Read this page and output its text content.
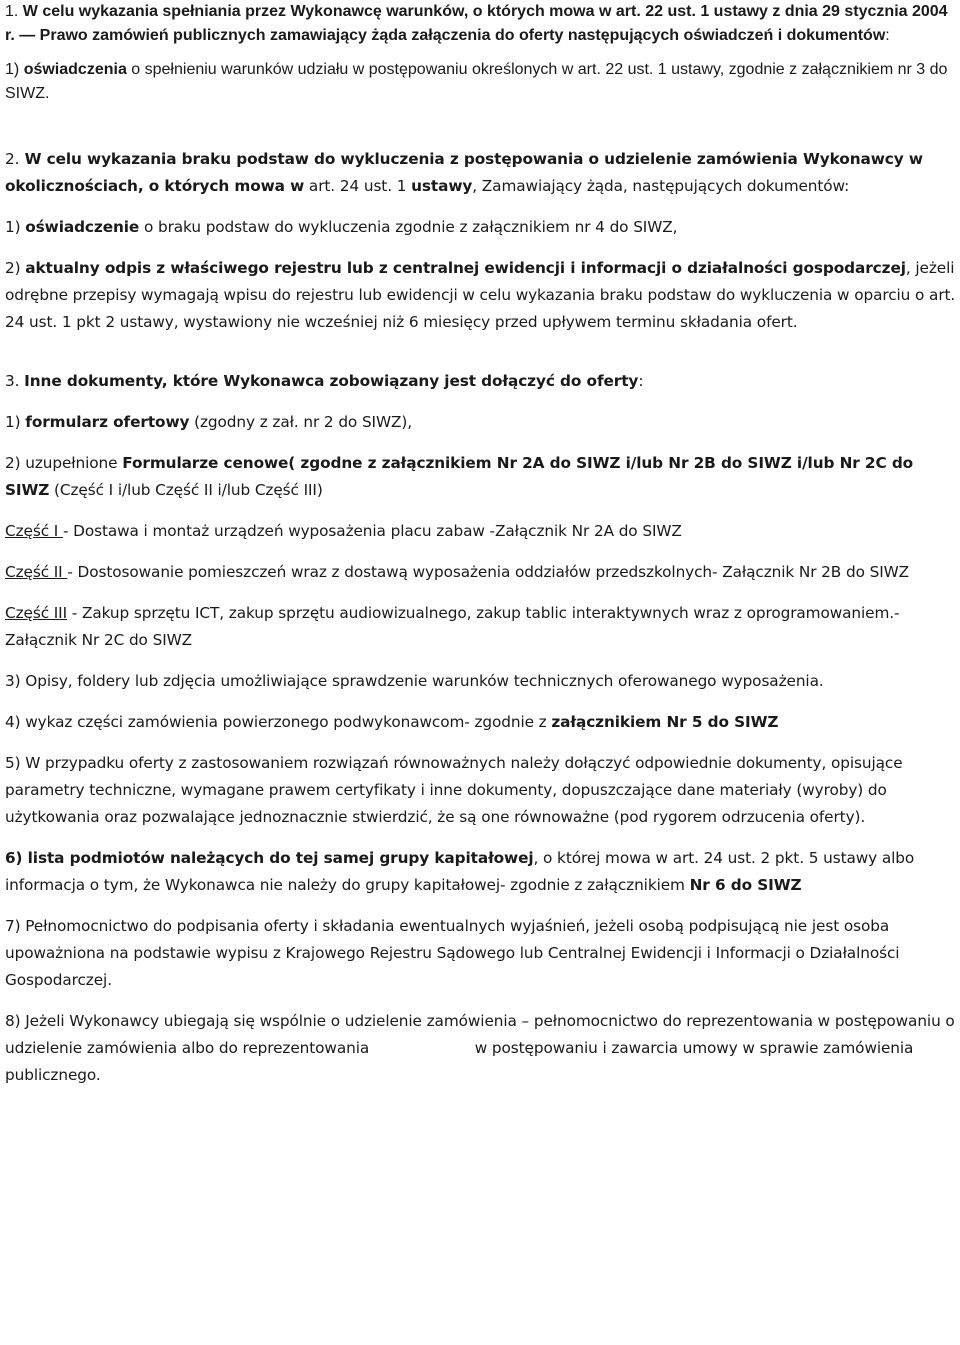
1. W celu wykazania spełniania przez Wykonawcę warunków, o których mowa w art. 22 ust. 1 ustawy z dnia 29 stycznia 2004 r. — Prawo zamówień publicznych zamawiający żąda załączenia do oferty następujących oświadczeń i dokumentów:

1) oświadczenia o spełnieniu warunków udziału w postępowaniu określonych w art. 22 ust. 1 ustawy, zgodnie z załącznikiem nr 3 do SIWZ.

2. W celu wykazania braku podstaw do wykluczenia z postępowania o udzielenie zamówienia Wykonawcy w okolicznościach, o których mowa w art. 24 ust. 1 ustawy, Zamawiający żąda, następujących dokumentów:

1) oświadczenie o braku podstaw do wykluczenia zgodnie z załącznikiem nr 4 do SIWZ,

2) aktualny odpis z właściwego rejestru lub z centralnej ewidencji i informacji o działalności gospodarczej, jeżeli odrębne przepisy wymagają wpisu do rejestru lub ewidencji w celu wykazania braku podstaw do wykluczenia w oparciu o art. 24 ust. 1 pkt 2 ustawy, wystawiony nie wcześniej niż 6 miesięcy przed upływem terminu składania ofert.

3. Inne dokumenty, które Wykonawca zobowiązany jest dołączyć do oferty:

1) formularz ofertowy (zgodny z zał. nr 2 do SIWZ),

2) uzupełnione Formularze cenowe( zgodne z załącznikiem Nr 2A do SIWZ i/lub Nr 2B do SIWZ i/lub Nr 2C do SIWZ (Część I i/lub Część II i/lub Część III)

Część I - Dostawa i montaż urządzeń wyposażenia placu zabaw -Załącznik Nr 2A do SIWZ

Część II - Dostosowanie pomieszczeń wraz z dostawą wyposażenia oddziałów przedszkolnych- Załącznik Nr 2B do SIWZ

Część III - Zakup sprzętu ICT, zakup sprzętu audiowizualnego, zakup tablic interaktywnych wraz z oprogramowaniem.- Załącznik Nr 2C do SIWZ

3) Opisy, foldery lub zdjęcia umożliwiające sprawdzenie warunków technicznych oferowanego wyposażenia.

4) wykaz części zamówienia powierzonego podwykonawcom- zgodnie z załącznikiem Nr 5 do SIWZ

5) W przypadku oferty z zastosowaniem rozwiązań równoważnych należy dołączyć odpowiednie dokumenty, opisujące parametry techniczne, wymagane prawem certyfikaty i inne dokumenty, dopuszczające dane materiały (wyroby) do użytkowania oraz pozwalające jednoznacznie stwierdzić, że są one równoważne (pod rygorem odrzucenia oferty).

6) lista podmiotów należących do tej samej grupy kapitałowej, o której mowa w art. 24 ust. 2 pkt. 5 ustawy albo informacja o tym, że Wykonawca nie należy do grupy kapitałowej- zgodnie z załącznikiem Nr 6 do SIWZ

7) Pełnomocnictwo do podpisania oferty i składania ewentualnych wyjaśnień, jeżeli osobą podpisującą nie jest osoba upoważniona na podstawie wypisu z Krajowego Rejestru Sądowego lub Centralnej Ewidencji i Informacji o Działalności Gospodarczej.

8) Jeżeli Wykonawcy ubiegają się wspólnie o udzielenie zamówienia – pełnomocnictwo do reprezentowania w postępowaniu o udzielenie zamówienia albo do reprezentowania	w postępowaniu i zawarcia umowy w sprawie zamówienia publicznego.
